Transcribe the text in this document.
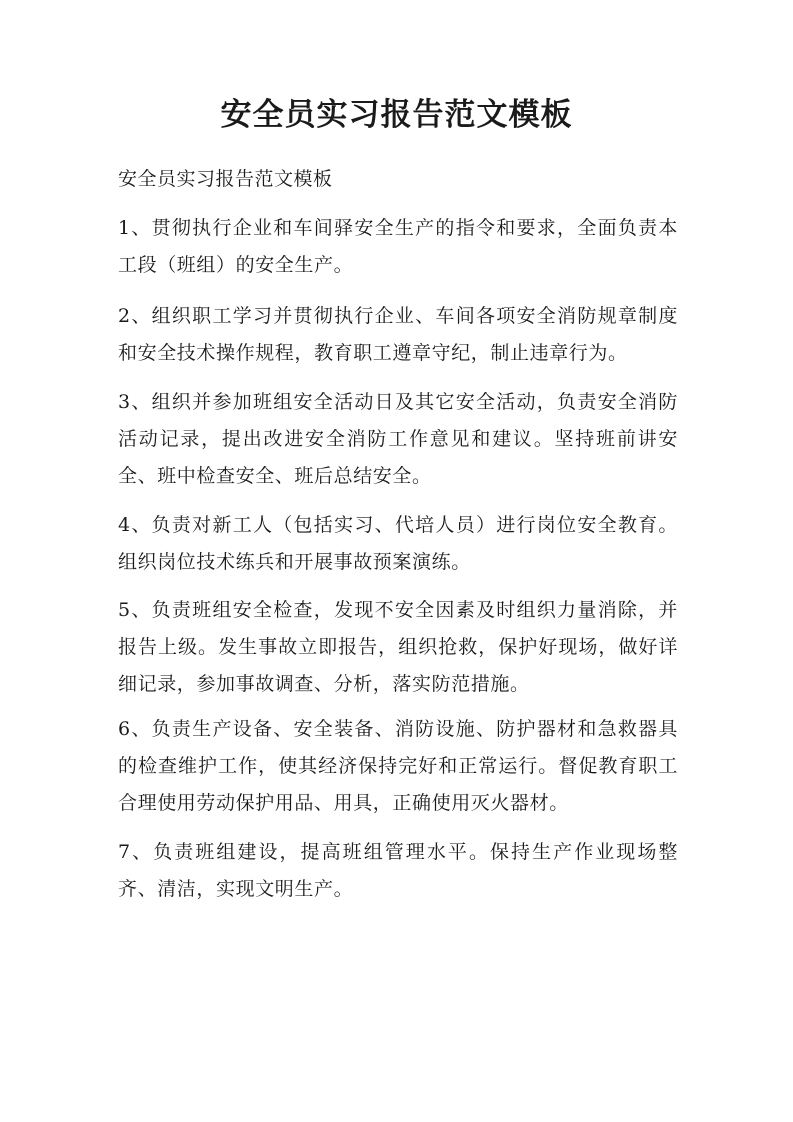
安全员实习报告范文模板

安全员实习报告范文模板

1、贯彻执行企业和车间驿安全生产的指令和要求，全面负责本工段（班组）的安全生产。

2、组织职工学习并贯彻执行企业、车间各项安全消防规章制度和安全技术操作规程，教育职工遵章守纪，制止违章行为。

3、组织并参加班组安全活动日及其它安全活动，负责安全消防活动记录，提出改进安全消防工作意见和建议。坚持班前讲安全、班中检查安全、班后总结安全。

4、负责对新工人（包括实习、代培人员）进行岗位安全教育。组织岗位技术练兵和开展事故预案演练。

5、负责班组安全检查，发现不安全因素及时组织力量消除，并报告上级。发生事故立即报告，组织抢救，保护好现场，做好详细记录，参加事故调查、分析，落实防范措施。

6、负责生产设备、安全装备、消防设施、防护器材和急救器具的检查维护工作，使其经济保持完好和正常运行。督促教育职工合理使用劳动保护用品、用具，正确使用灭火器材。

7、负责班组建设，提高班组管理水平。保持生产作业现场整齐、清洁，实现文明生产。
